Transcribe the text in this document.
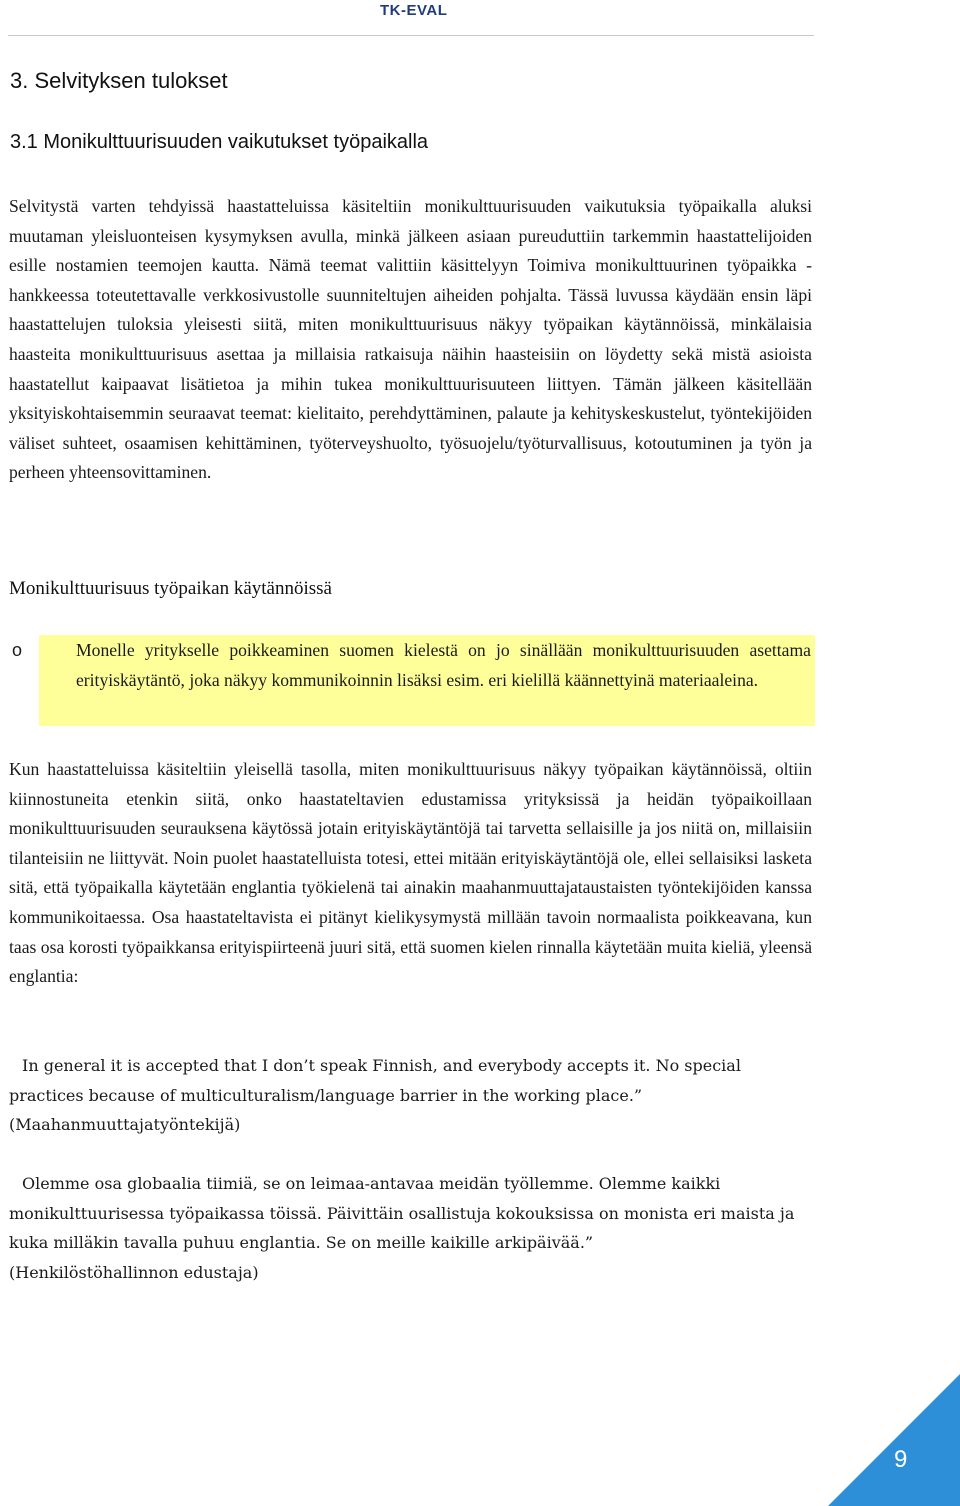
TK-EVAL
3. Selvityksen tulokset
3.1 Monikulttuurisuuden vaikutukset työpaikalla

Selvitystä varten tehdyissä haastatteluissa käsiteltiin monikulttuurisuuden vaikutuksia työpaikalla aluksi muutaman yleisluonteisen kysymyksen avulla, minkä jälkeen asiaan pureuduttiin tarkemmin haastattelijoiden esille nostamien teemojen kautta. Nämä teemat valittiin käsittelyyn Toimiva monikulttuurinen työpaikka -hankkeessa toteutettavalle verkkosivustolle suunniteltujen aiheiden pohjalta. Tässä luvussa käydään ensin läpi haastattelujen tuloksia yleisesti siitä, miten monikulttuurisuus näkyy työpaikan käytännöissä, minkälaisia haasteita monikulttuurisuus asettaa ja millaisia ratkaisuja näihin haasteisiin on löydetty sekä mistä asioista haastatellut kaipaavat lisätietoa ja mihin tukea monikulttuurisuuteen liittyen. Tämän jälkeen käsitellään yksityiskohtaisemmin seuraavat teemat: kielitaito, perehdyttäminen, palaute ja kehityskeskustelut, työntekijöiden väliset suhteet, osaamisen kehittäminen, työterveyshuolto, työsuojelu/työturvallisuus, kotoutuminen ja työn ja perheen yhteensovittaminen.

Monikulttuurisuus työpaikan käytännöissä
o	Monelle yritykselle poikkeaminen suomen kielestä on jo sinällään monikulttuurisuuden asettama erityiskäytäntö, joka näkyy kommunikoinnin lisäksi esim. eri kielillä käännettyinä materiaaleina.

Kun haastatteluissa käsiteltiin yleisellä tasolla, miten monikulttuurisuus näkyy työpaikan käytännöissä, oltiin kiinnostuneita etenkin siitä, onko haastateltavien edustamissa yrityksissä ja heidän työpaikoillaan monikulttuurisuuden seurauksena käytössä jotain erityiskäytäntöjä tai tarvetta sellaisille ja jos niitä on, millaisiin tilanteisiin ne liittyvät. Noin puolet haastatelluista totesi, ettei mitään erityiskäytäntöjä ole, ellei sellaisiksi lasketa sitä, että työpaikalla käytetään englantia työkielenä tai ainakin maahanmuuttajataustaisten työntekijöiden kanssa kommunikoitaessa. Osa haastateltavista ei pitänyt kielikysymystä millään tavoin normaalista poikkeavana, kun taas osa korosti työpaikkansa erityispiirteenä juuri sitä, että suomen kielen rinnalla käytetään muita kieliä, yleensä englantia:

In general it is accepted that I don’t speak Finnish, and everybody accepts it. No special practices because of multiculturalism/language barrier in the working place.”
(Maahanmuuttajatyöntekijä)
Olemme osa globaalia tiimiä, se on leimaa-antavaa meidän työllemme. Olemme kaikki monikulttuurisessa työpaikassa töissä. Päivittäin osallistuja kokouksissa on monista eri maista ja kuka milläkin tavalla puhuu englantia. Se on meille kaikille arkipäivää.”
(Henkilöstöhallinnon edustaja)
9
